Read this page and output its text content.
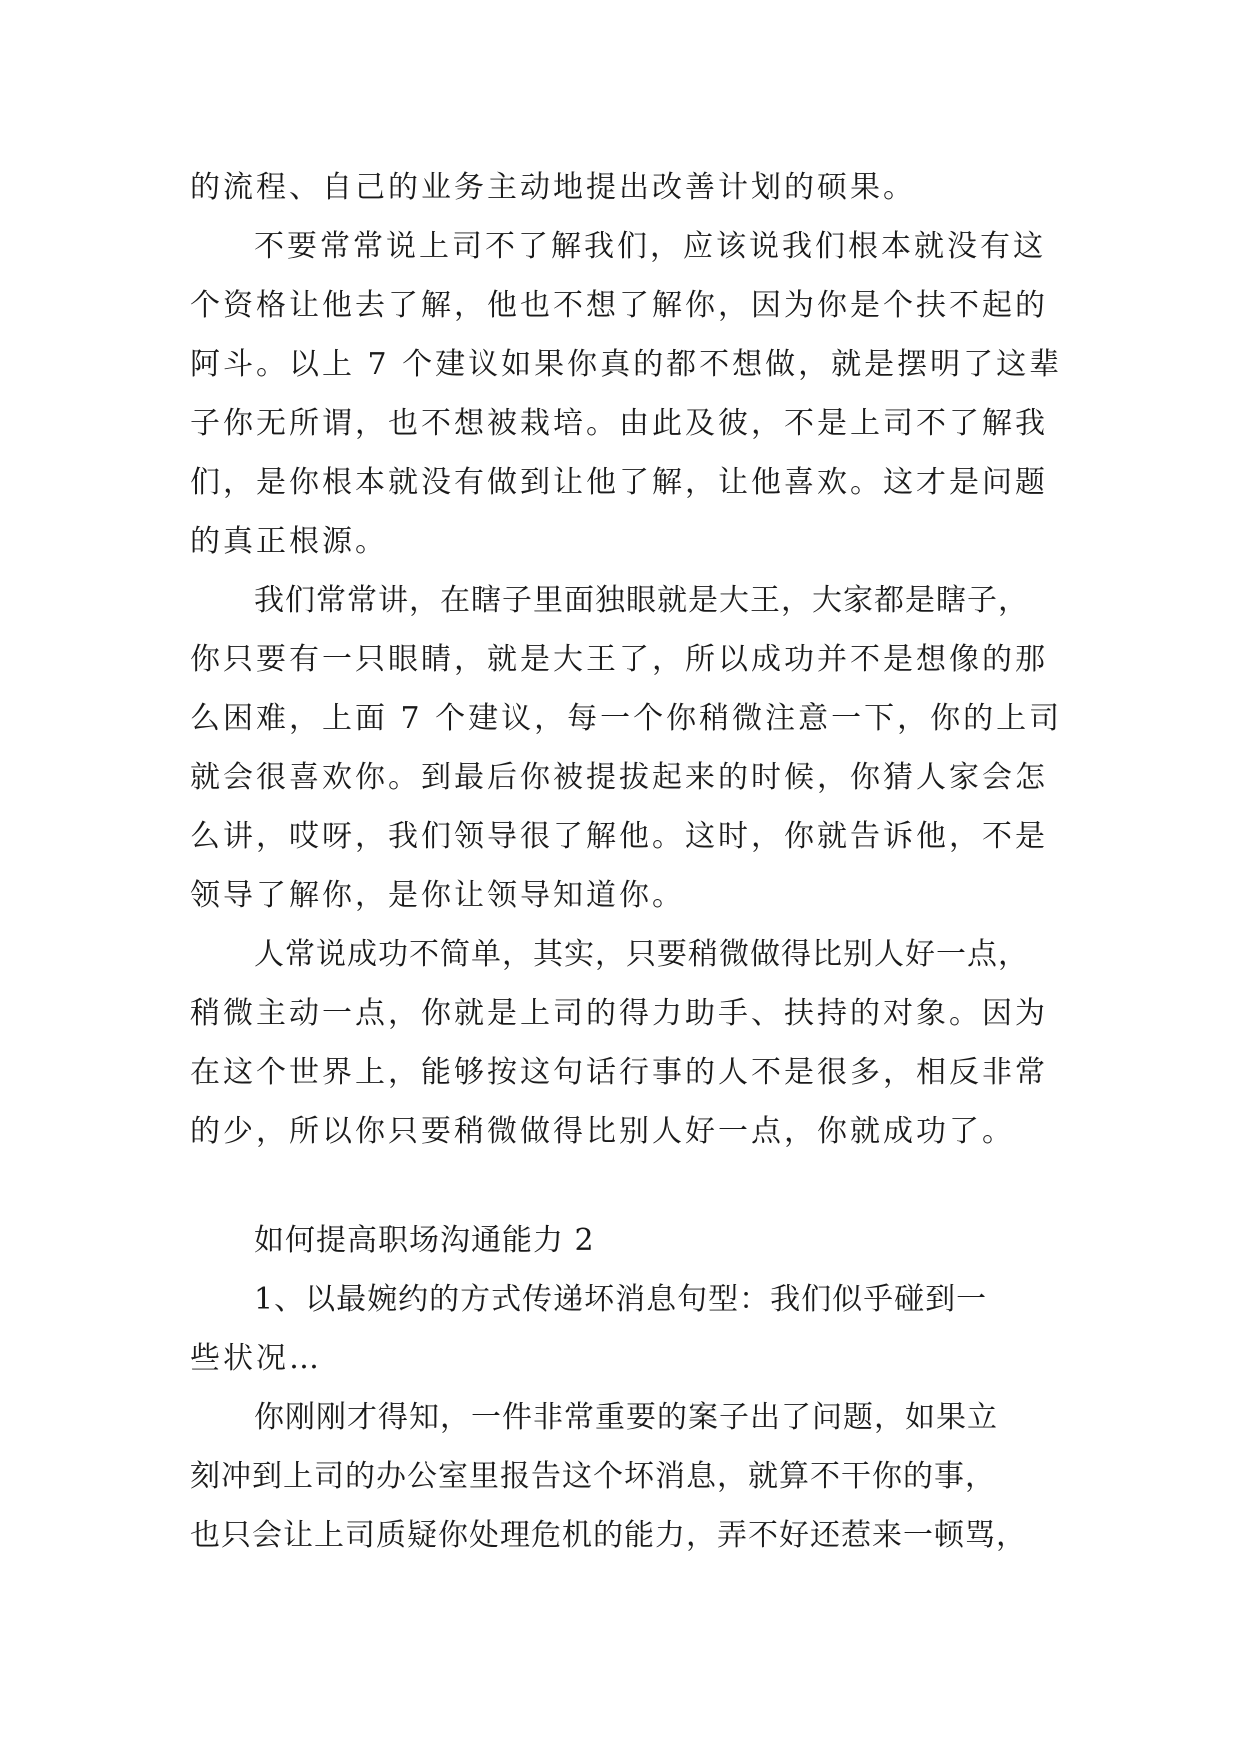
的流程、自己的业务主动地提出改善计划的硕果。
不要常常说上司不了解我们，应该说我们根本就没有这
个资格让他去了解，他也不想了解你，因为你是个扶不起的
阿斗。以上 7 个建议如果你真的都不想做，就是摆明了这辈
子你无所谓，也不想被栽培。由此及彼，不是上司不了解我
们，是你根本就没有做到让他了解，让他喜欢。这才是问题
的真正根源。
我们常常讲，在瞎子里面独眼就是大王，大家都是瞎子，
你只要有一只眼睛，就是大王了，所以成功并不是想像的那
么困难，上面 7 个建议，每一个你稍微注意一下，你的上司
就会很喜欢你。到最后你被提拔起来的时候，你猜人家会怎
么讲，哎呀，我们领导很了解他。这时，你就告诉他，不是
领导了解你，是你让领导知道你。
人常说成功不简单，其实，只要稍微做得比别人好一点，
稍微主动一点，你就是上司的得力助手、扶持的对象。因为
在这个世界上，能够按这句话行事的人不是很多，相反非常
的少，所以你只要稍微做得比别人好一点，你就成功了。
如何提高职场沟通能力 2
1、以最婉约的方式传递坏消息句型：我们似乎碰到一
些状况…
你刚刚才得知，一件非常重要的案子出了问题，如果立
刻冲到上司的办公室里报告这个坏消息，就算不干你的事，
也只会让上司质疑你处理危机的能力，弄不好还惹来一顿骂，
